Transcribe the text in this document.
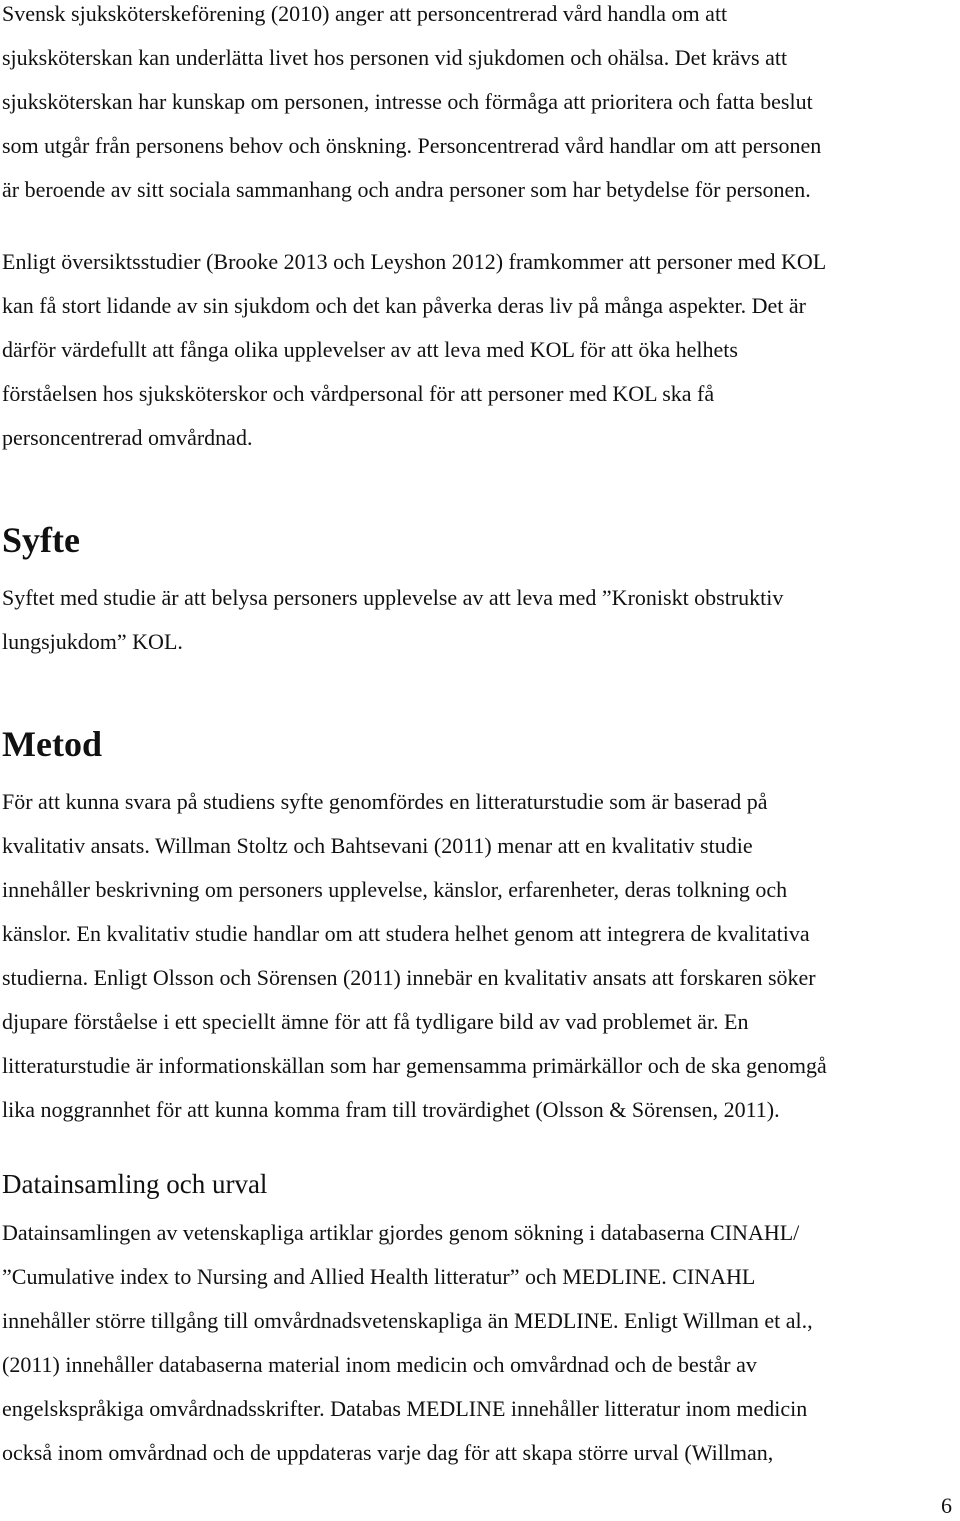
Svensk sjuksköterskeförening (2010) anger att personcentrerad vård handla om att
sjuksköterskan kan underlätta livet hos personen vid sjukdomen och ohälsa. Det krävs att
sjuksköterskan har kunskap om personen, intresse och förmåga att prioritera och fatta beslut
som utgår från personens behov och önskning. Personcentrerad vård handlar om att personen
är beroende av sitt sociala sammanhang och andra personer som har betydelse för personen.
Enligt översiktsstudier (Brooke 2013 och Leyshon 2012) framkommer att personer med KOL
kan få stort lidande av sin sjukdom och det kan påverka deras liv på många aspekter. Det är
därför värdefullt att fånga olika upplevelser av att leva med KOL för att öka helhets
förståelsen hos sjuksköterskor och vårdpersonal för att personer med KOL ska få
personcentrerad omvårdnad.
Syfte
Syftet med studie är att belysa personers upplevelse av att leva med ”Kroniskt obstruktiv
lungsjukdom” KOL.
Metod
För att kunna svara på studiens syfte genomfördes en litteraturstudie som är baserad på
kvalitativ ansats. Willman Stoltz och Bahtsevani (2011) menar att en kvalitativ studie
innehåller beskrivning om personers upplevelse, känslor, erfarenheter, deras tolkning och
känslor. En kvalitativ studie handlar om att studera helhet genom att integrera de kvalitativa
studierna. Enligt Olsson och Sörensen (2011) innebär en kvalitativ ansats att forskaren söker
djupare förståelse i ett speciellt ämne för att få tydligare bild av vad problemet är. En
litteraturstudie är informationskällan som har gemensamma primärkällor och de ska genomgå
lika noggrannhet för att kunna komma fram till trovärdighet (Olsson & Sörensen, 2011).
Datainsamling och urval
Datainsamlingen av vetenskapliga artiklar gjordes genom sökning i databaserna CINAHL/
”Cumulative index to Nursing and Allied Health litteratur” och MEDLINE. CINAHL
innehåller större tillgång till omvårdnadsvetenskapliga än MEDLINE. Enligt Willman et al.,
(2011) innehåller databaserna material inom medicin och omvårdnad och de består av
engelskspråkiga omvårdnadsskrifter. Databas MEDLINE innehåller litteratur inom medicin
också inom omvårdnad och de uppdateras varje dag för att skapa större urval (Willman,
6
